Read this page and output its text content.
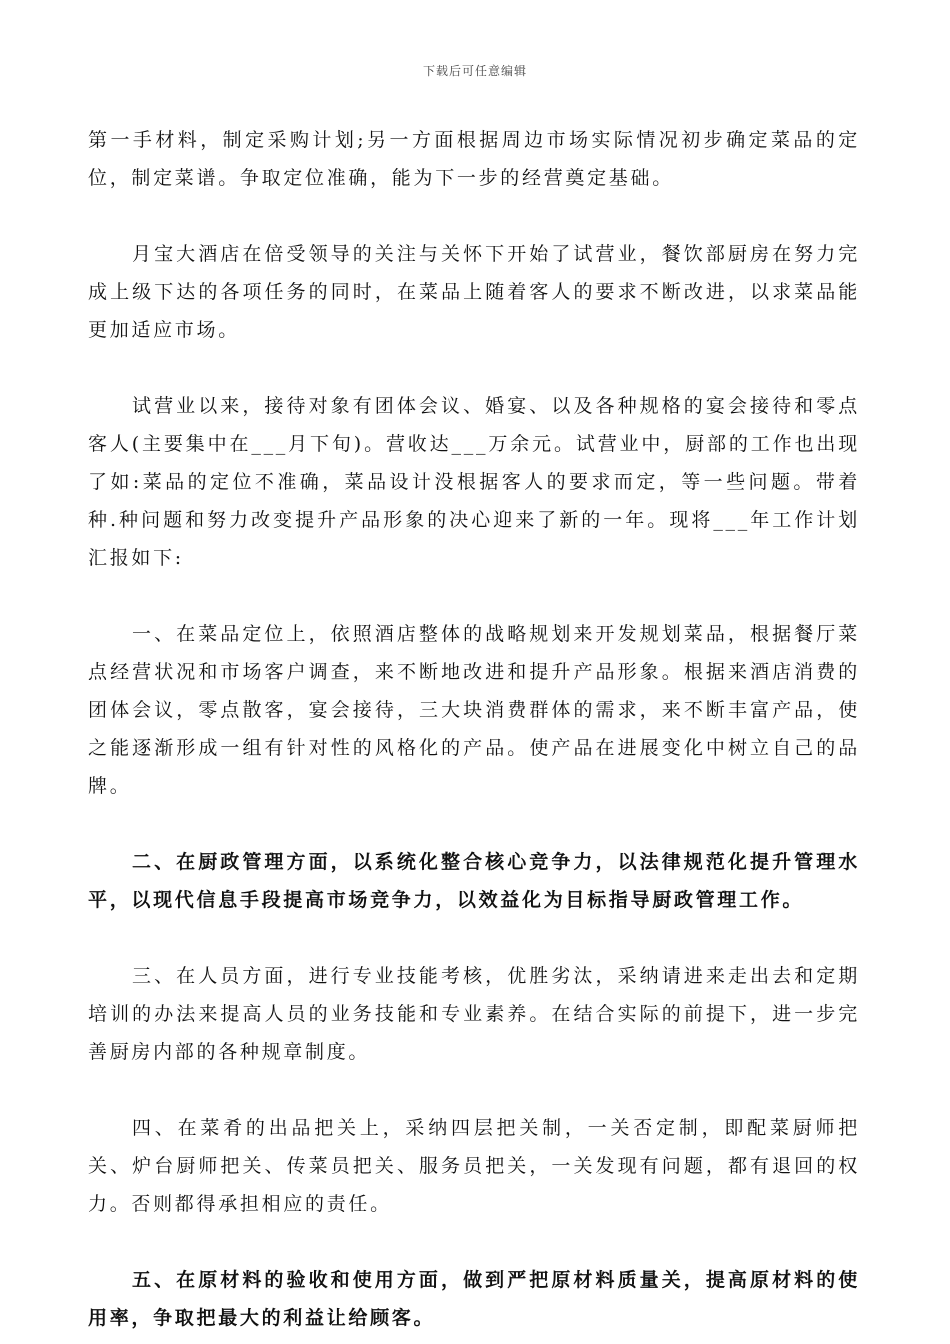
下载后可任意编辑

第一手材料，制定采购计划;另一方面根据周边市场实际情况初步确定菜品的定位，制定菜谱。争取定位准确，能为下一步的经营奠定基础。

月宝大酒店在倍受领导的关注与关怀下开始了试营业，餐饮部厨房在努力完成上级下达的各项任务的同时，在菜品上随着客人的要求不断改进，以求菜品能更加适应市场。

试营业以来，接待对象有团体会议、婚宴、以及各种规格的宴会接待和零点客人(主要集中在___月下旬)。营收达___万余元。试营业中，厨部的工作也出现了如:菜品的定位不准确，菜品设计没根据客人的要求而定，等一些问题。带着种.种问题和努力改变提升产品形象的决心迎来了新的一年。现将___年工作计划汇报如下:

一、在菜品定位上，依照酒店整体的战略规划来开发规划菜品，根据餐厅菜点经营状况和市场客户调查，来不断地改进和提升产品形象。根据来酒店消费的团体会议，零点散客，宴会接待，三大块消费群体的需求，来不断丰富产品，使之能逐渐形成一组有针对性的风格化的产品。使产品在进展变化中树立自己的品牌。

二、在厨政管理方面，以系统化整合核心竞争力，以法律规范化提升管理水平，以现代信息手段提高市场竞争力，以效益化为目标指导厨政管理工作。

三、在人员方面，进行专业技能考核，优胜劣汰，采纳请进来走出去和定期培训的办法来提高人员的业务技能和专业素养。在结合实际的前提下，进一步完善厨房内部的各种规章制度。

四、在菜肴的出品把关上，采纳四层把关制，一关否定制，即配菜厨师把关、炉台厨师把关、传菜员把关、服务员把关，一关发现有问题，都有退回的权力。否则都得承担相应的责任。

五、在原材料的验收和使用方面，做到严把原材料质量关，提高原材料的使用率，争取把最大的利益让给顾客。
